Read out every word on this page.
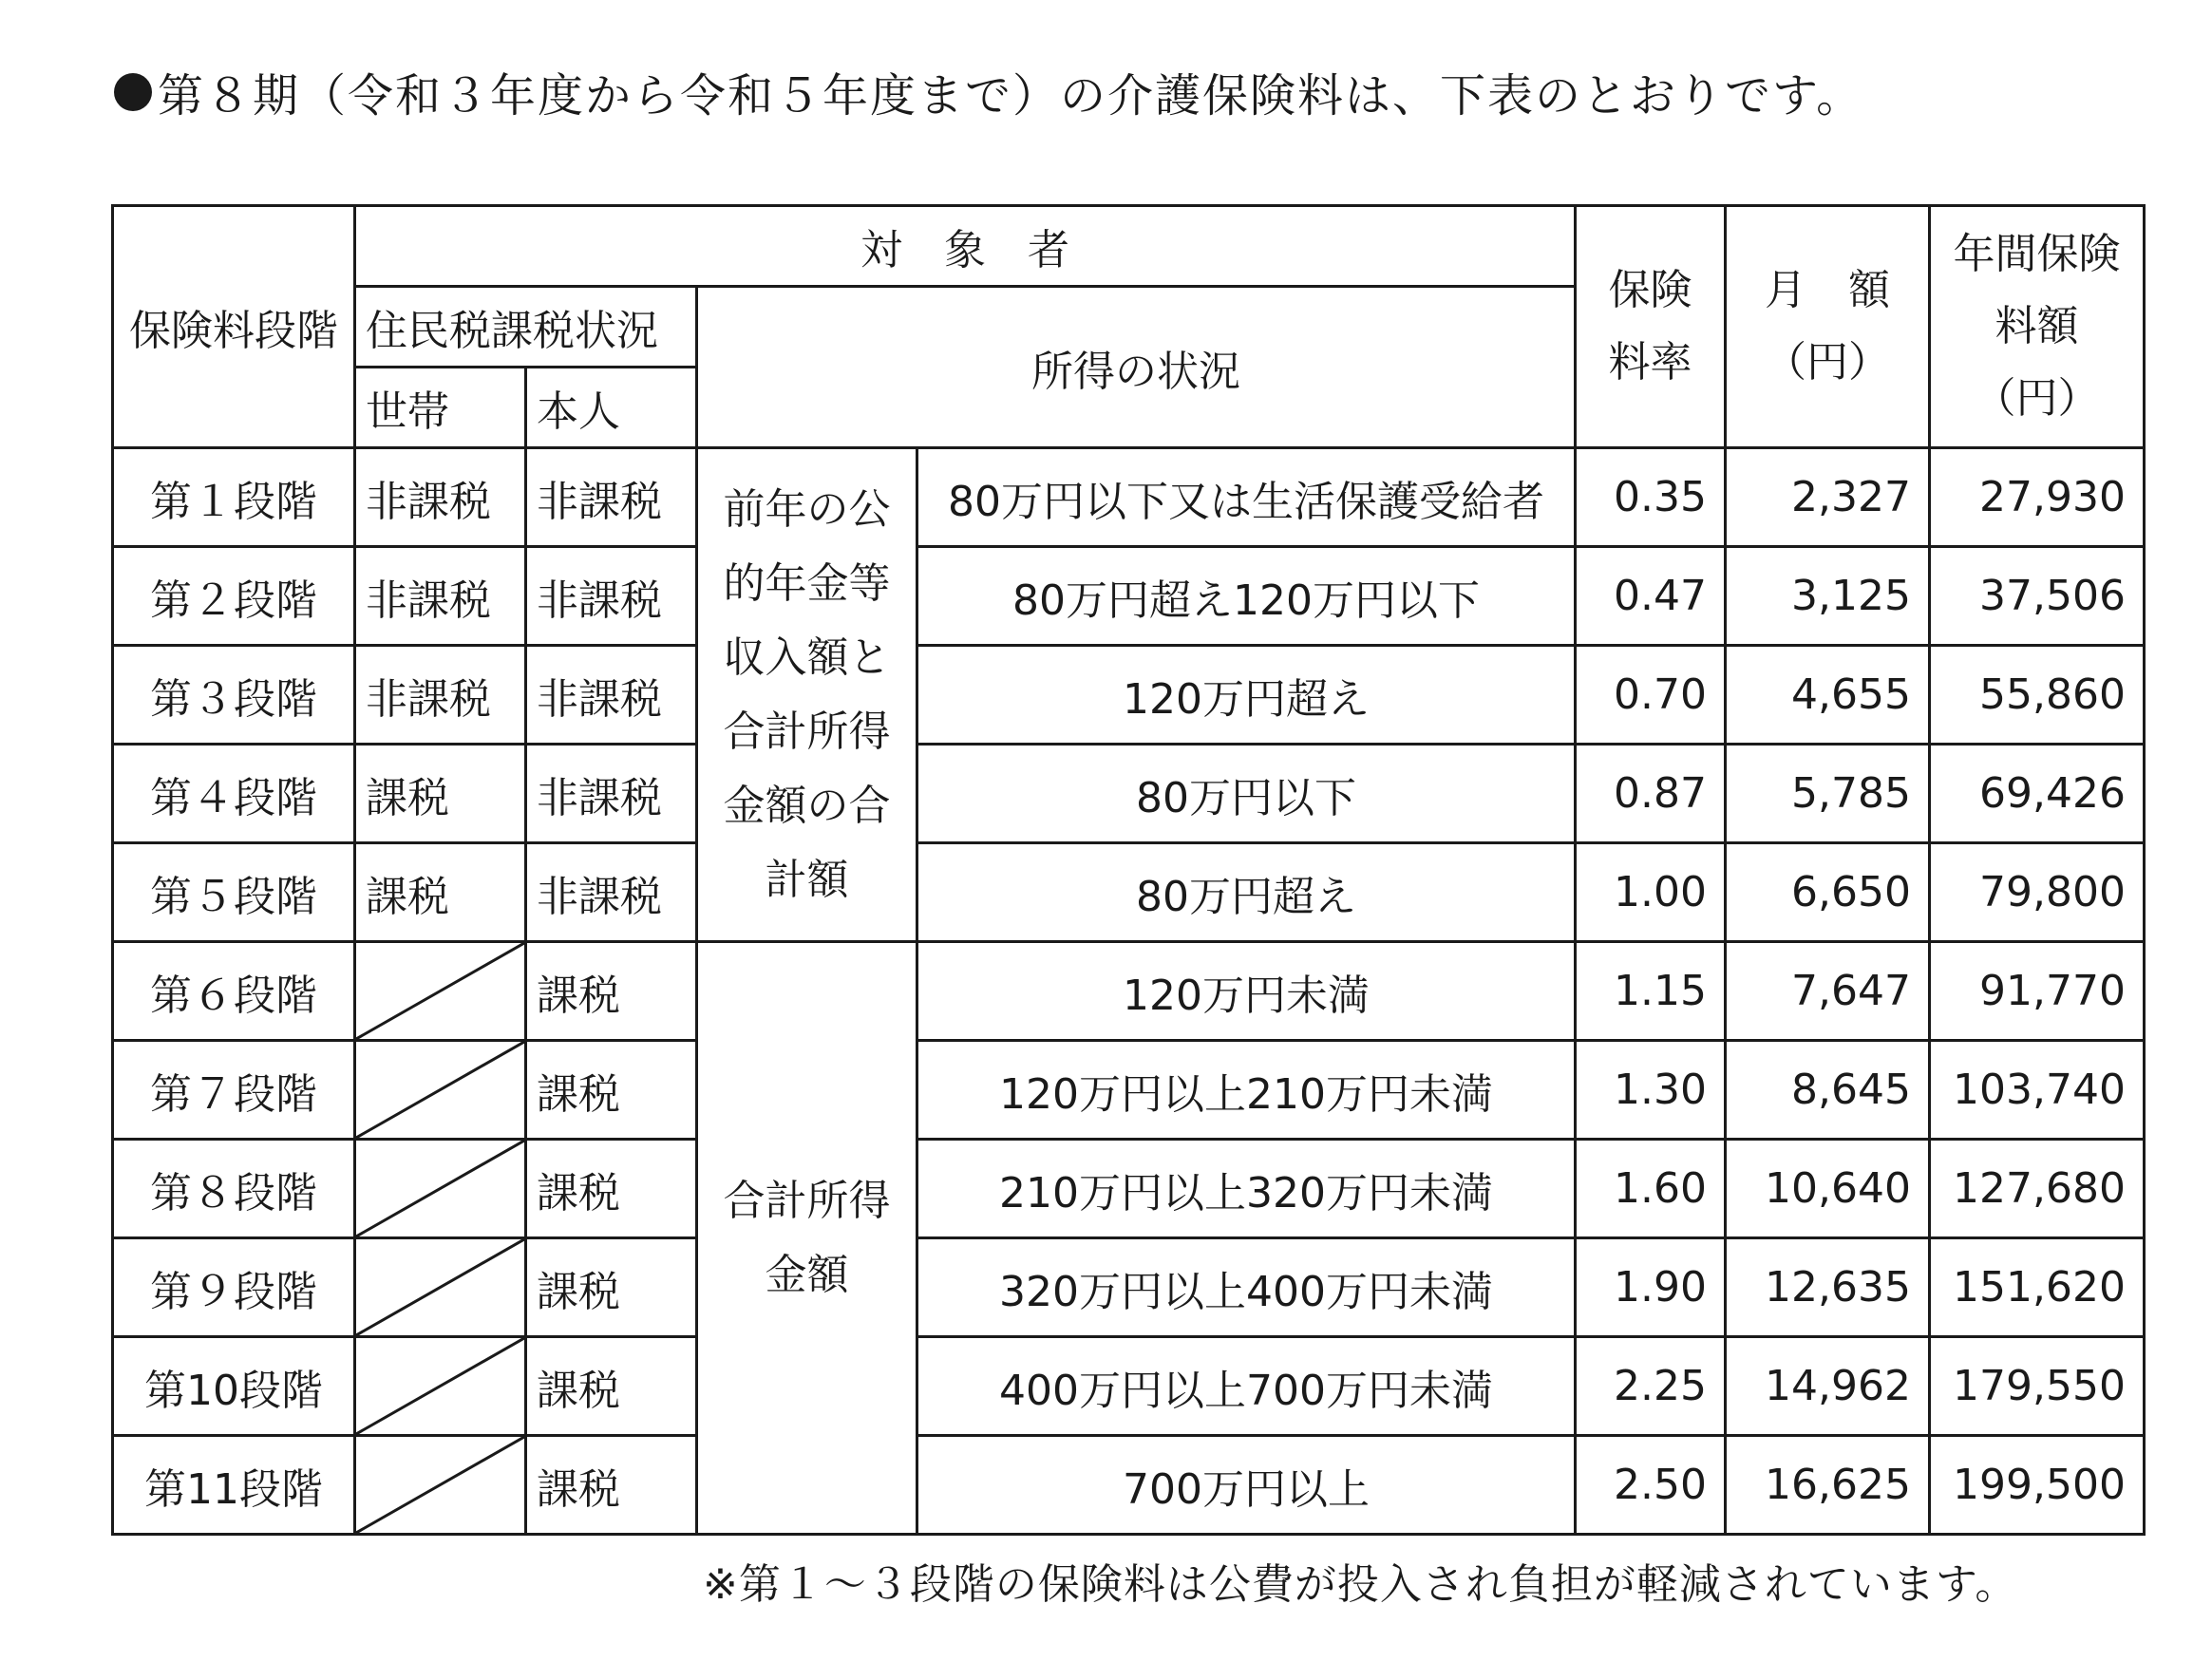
第８期（令和３年度から令和５年度まで）の介護保険料は、下表のとおりです。
保険料段階	対　象　者				保険料率	月　額（円）	年間保険料額（円）
	住民税課税状況		所得の状況				
	世帯	本人					
第１段階	非課税	非課税	前年の公的年金等収入額と合計所得金額の合計額	80万円以下又は生活保護受給者	0.35	2,327	27,930
第２段階	非課税	非課税		80万円超え120万円以下	0.47	3,125	37,506
第３段階	非課税	非課税		120万円超え	0.70	4,655	55,860
第４段階	課税	非課税		80万円以下	0.87	5,785	69,426
第５段階	課税	非課税		80万円超え	1.00	6,650	79,800
第６段階		課税	合計所得金額	120万円未満	1.15	7,647	91,770
第７段階		課税		120万円以上210万円未満	1.30	8,645	103,740
第８段階		課税		210万円以上320万円未満	1.60	10,640	127,680
第９段階		課税		320万円以上400万円未満	1.90	12,635	151,620
第10段階		課税		400万円以上700万円未満	2.25	14,962	179,550
第11段階		課税		700万円以上	2.50	16,625	199,500
※第１～３段階の保険料は公費が投入され負担が軽減されています。
